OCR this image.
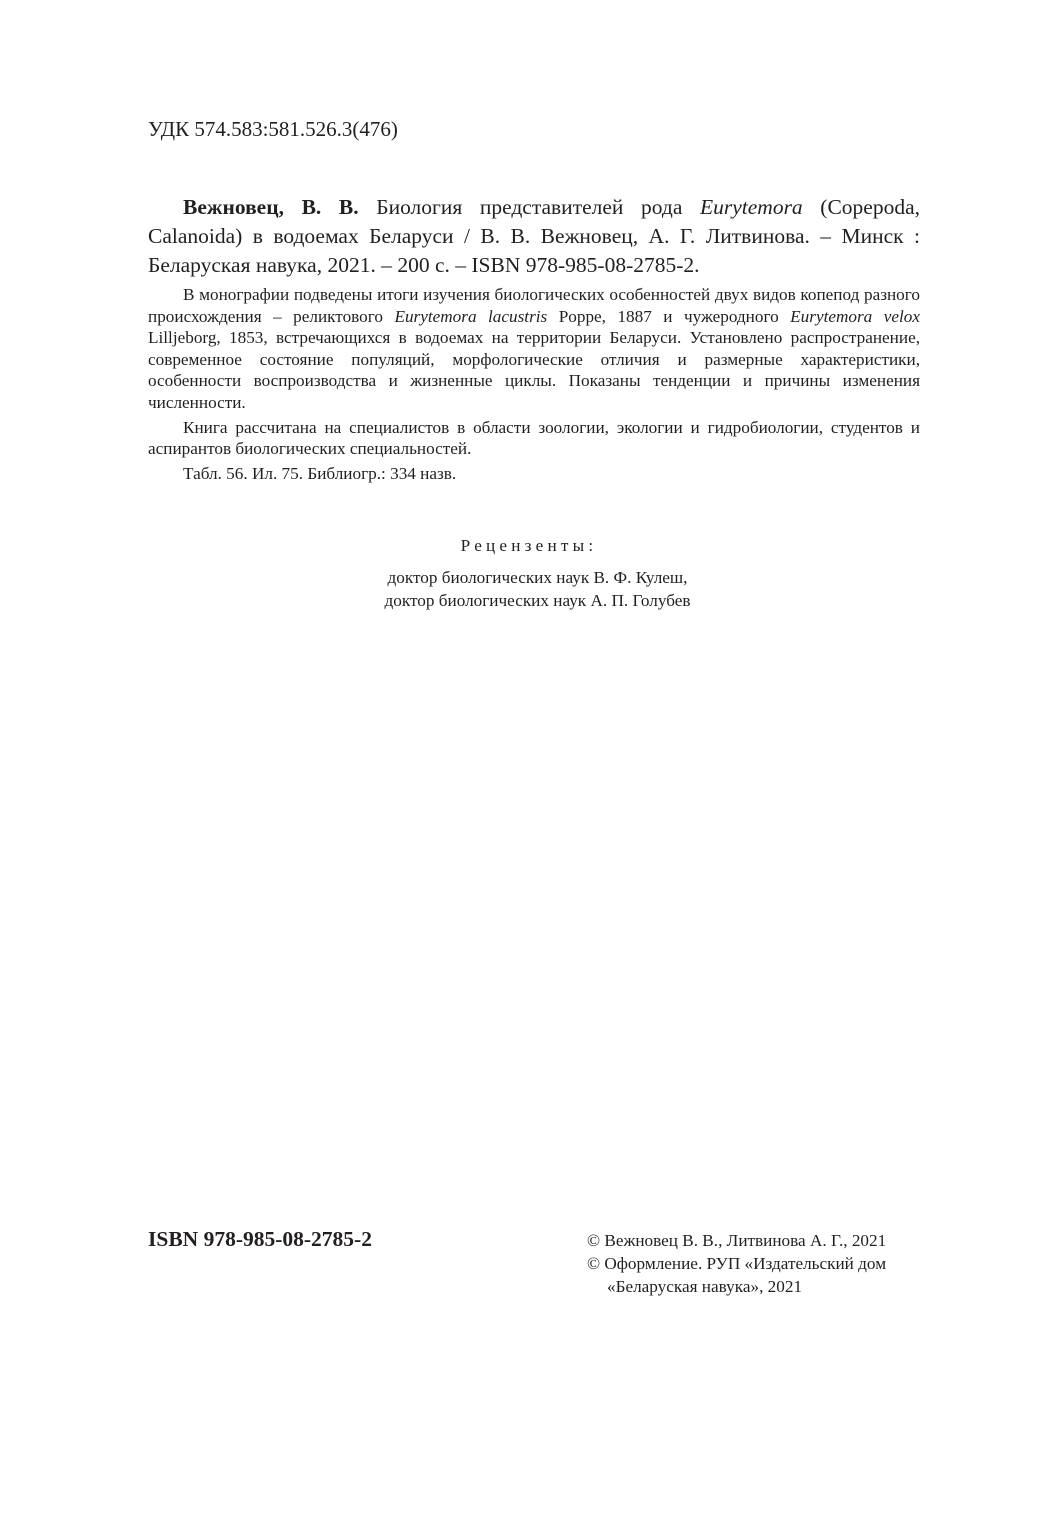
УДК 574.583:581.526.3(476)
Вежновец, В. В. Биология представителей рода Eurytemora (Copepoda, Calanoida) в водоемах Беларуси / В. В. Вежновец, А. Г. Литвинова. – Минск : Беларуская навука, 2021. – 200 с. – ISBN 978-985-08-2785-2.

В монографии подведены итоги изучения биологических особенностей двух видов копепод разного происхождения – реликтового Eurytemora lacustris Poppe, 1887 и чужеродного Eurytemora velox Lilljeborg, 1853, встречающихся в водоемах на территории Беларуси. Установлено распространение, современное состояние популяций, морфологические отличия и размерные характеристики, особенности воспроизводства и жизненные циклы. Показаны тенденции и причины изменения численности.

Книга рассчитана на специалистов в области зоологии, экологии и гидробиологии, студентов и аспирантов биологических специальностей.

Табл. 56. Ил. 75. Библиогр.: 334 назв.

Рецензенты:
доктор биологических наук В. Ф. Кулеш,
доктор биологических наук А. П. Голубев
ISBN 978-985-08-2785-2	© Вежновец В. В., Литвинова А. Г., 2021
© Оформление. РУП «Издательский дом
«Беларуская навука», 2021
